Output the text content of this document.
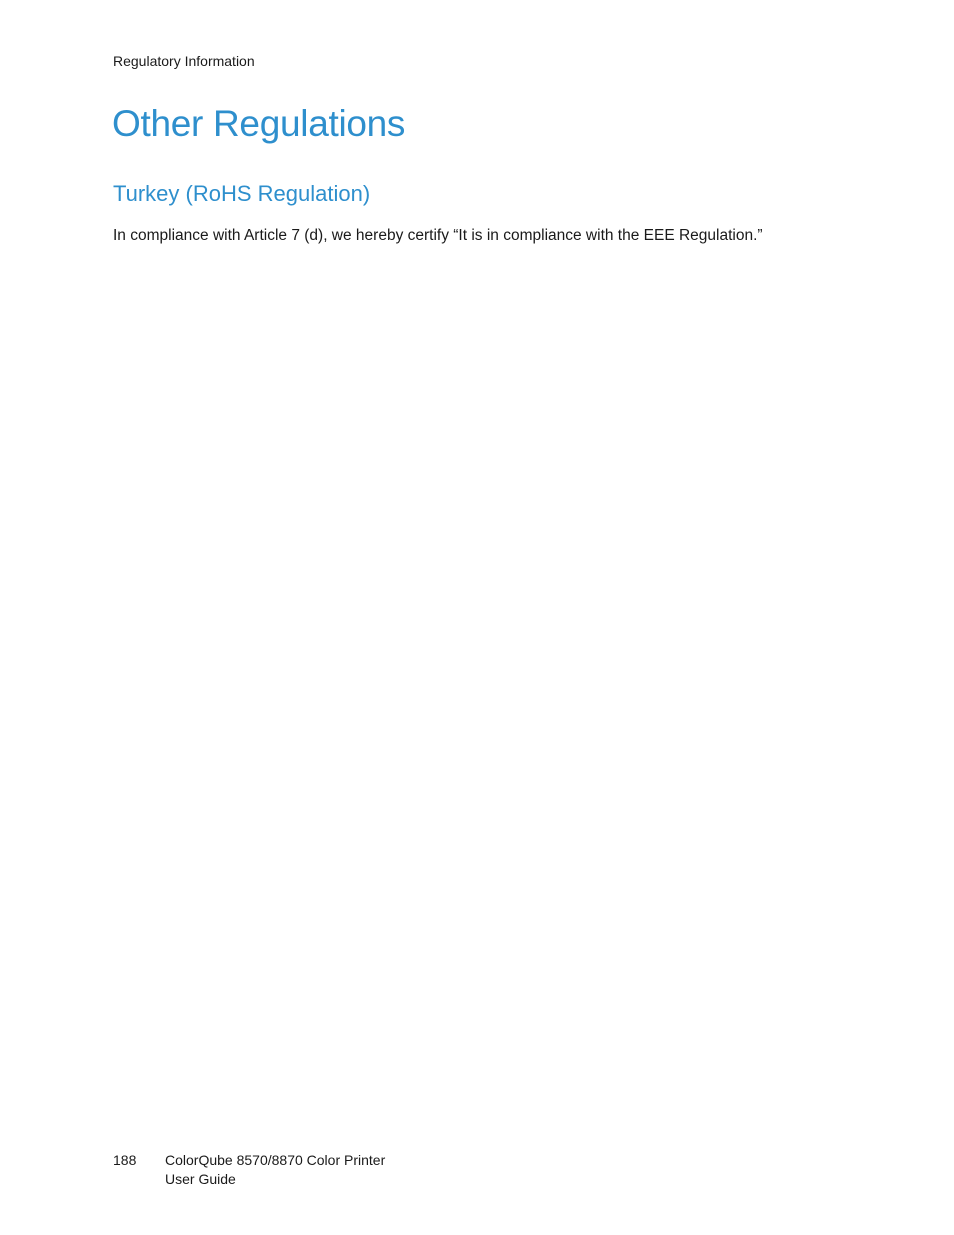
Regulatory Information
Other Regulations
Turkey (RoHS Regulation)

In compliance with Article 7 (d), we hereby certify “It is in compliance with the EEE Regulation.”

188 ColorQube 8570/8870 Color Printer
User Guide
